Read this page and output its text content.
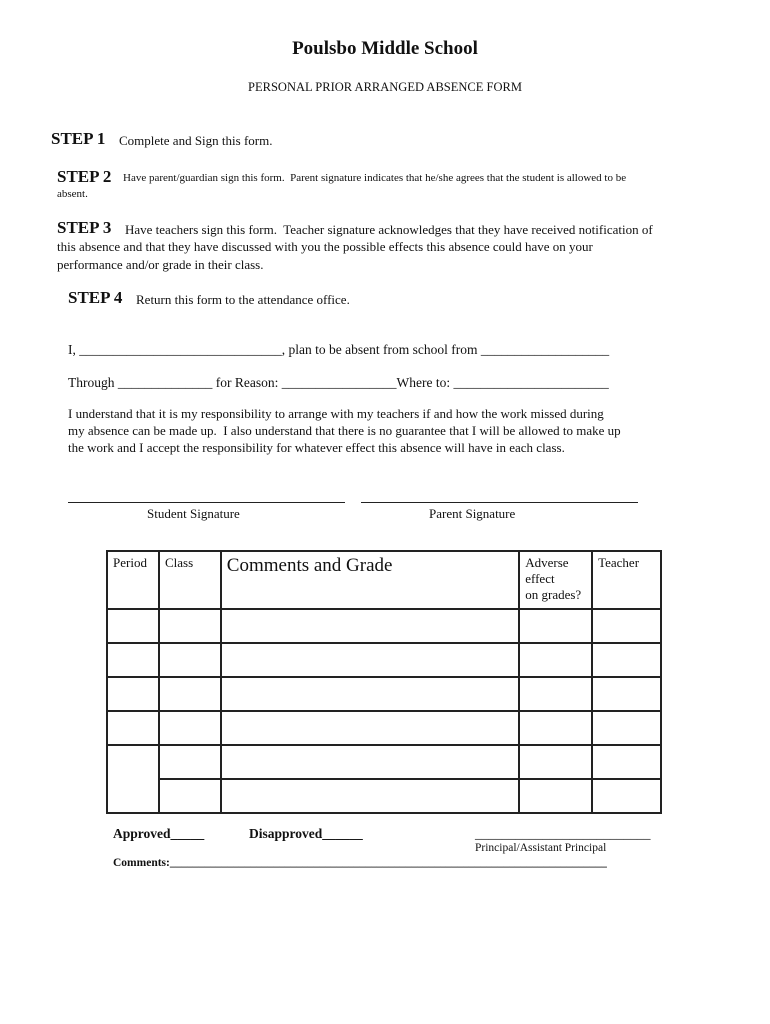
Poulsbo Middle School
PERSONAL PRIOR ARRANGED ABSENCE FORM
STEP 1 Complete and Sign this form.
STEP 2 Have parent/guardian sign this form.  Parent signature indicates that he/she agrees that the student is allowed to be
absent.
STEP 3 Have teachers sign this form.  Teacher signature acknowledges that they have received notification of
this absence and that they have discussed with you the possible effects this absence could have on your
performance and/or grade in their class.
STEP 4 Return this form to the attendance office.
I, ______________________________, plan to be absent from school from ___________________
Through ______________ for Reason: _________________Where to: _______________________
I understand that it is my responsibility to arrange with my teachers if and how the work missed during
my absence can be made up.  I also understand that there is no guarantee that I will be allowed to make up
the work and I accept the responsibility for whatever effect this absence will have in each class.
Student Signature	Parent Signature
Period	Class	Comments and Grade	Adverse
effect
on grades?	Teacher

Approved_____	Disapproved______	__________________________
Principal/Assistant Principal
Comments:____________________________________________________________________________
